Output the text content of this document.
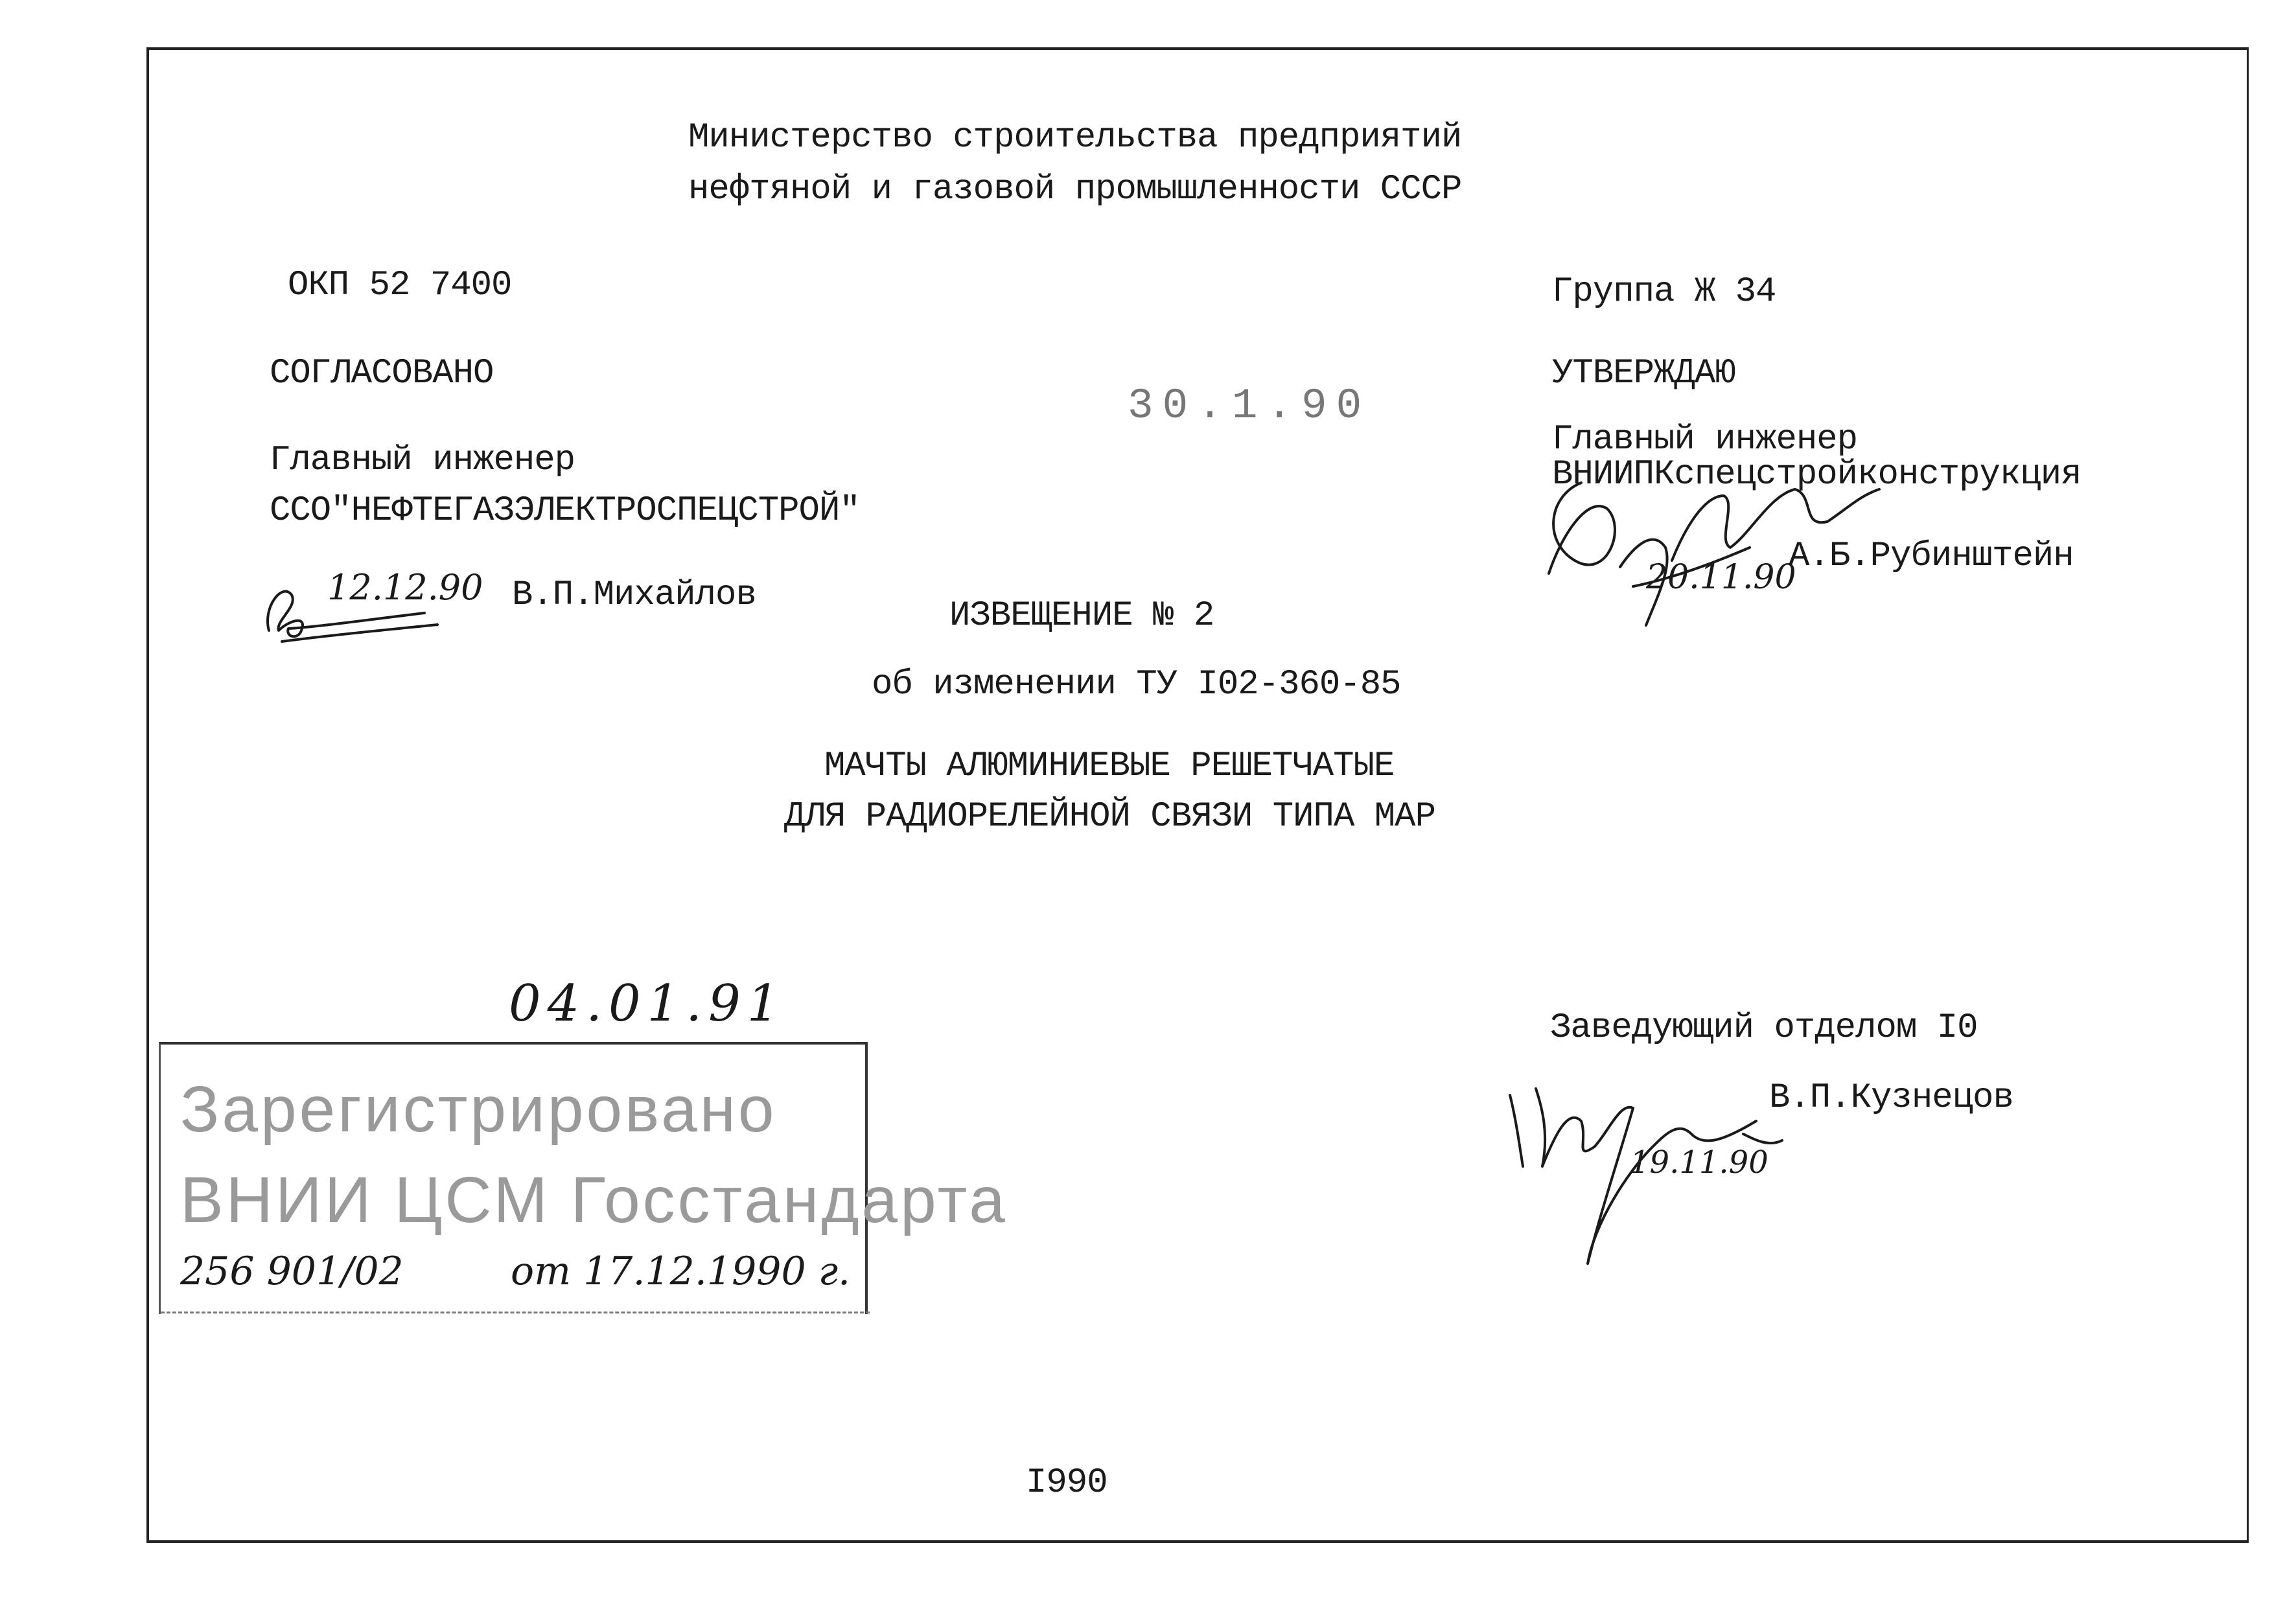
Министерство строительства предприятий
нефтяной и газовой промышленности СССР
ОКП 52 7400
СОГЛАСОВАНО
Главный инженер
ССО"НЕФТЕГАЗЭЛЕКТРОСПЕЦСТРОЙ"
12.12.90 В.П.Михайлов
30.1.90
Группа Ж 34
УТВЕРЖДАЮ
Главный инженер
ВНИИПКспецстройконструкция
20.11.90
А.Б.Рубинштейн
ИЗВЕЩЕНИЕ № 2
об изменении ТУ I02-360-85
МАЧТЫ АЛЮМИНИЕВЫЕ РЕШЕТЧАТЫЕ
ДЛЯ РАДИОРЕЛЕЙНОЙ СВЯЗИ ТИПА МАР
04.01.91
Зарегистрировано
ВНИИ ЦСМ Госстандарта
256 901/02	от 17.12.1990 г.
Заведующий отделом I0
В.П.Кузнецов
19.11.90
I990
